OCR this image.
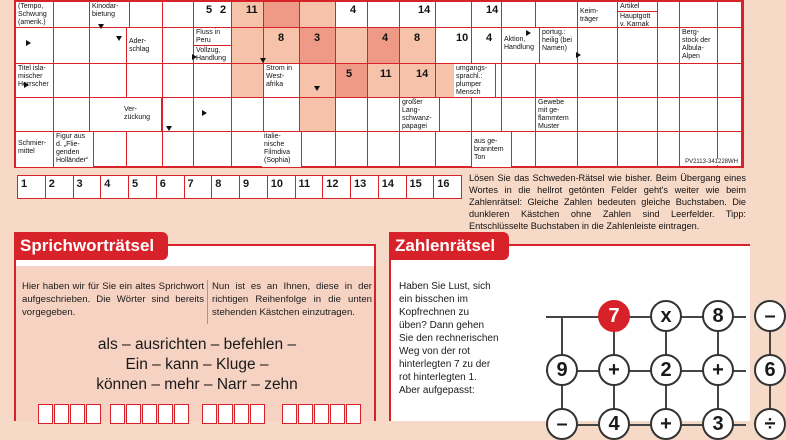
(Tempo, Schwung (amerik.)
Kinodar-bietung
Ader-schlag
Fluss in Peru
Vollzug, Handlung
Titel isla-mischer Herrscher
Strom in West-afrika
umgangs-sprachl.: plumper Mensch
Ver-zückung
großer Lang-schwanz-papagei
Gewebe mit ge-flammtem Muster
Schmier-mittel
Figur aus d. „Flie-genden Holländer“
italie-nische Filmdiva (Sophia)
aus ge-branntem Ton
Aktion, Handlung
portug.: heilig (bei Namen)
Keim-träger
Artikel
Hauptgott v. Karnak
Berg-stock der Albula-Alpen
PV2113-341228WH
5	11	4	14	14
8	3	4 8	10
5	11 14
2
4
1	2	3	4	5	6	7	8	9	10	11	12	13	14	15	16	Lösen Sie das Schweden-Rätsel wie bisher. Beim Übergang eines Wortes in die hellrot getönten Felder geht's weiter wie beim Zahlenrätsel: Gleiche Zahlen bedeuten gleiche Buchstaben. Die dunkleren Kästchen ohne Zahlen sind Leerfelder. Tipp: Entschlüsselte Buchstaben in die Zahlenleiste eintragen.
Hier haben wir für Sie ein altes Sprichwort aufgeschrieben. Die Wörter sind bereits vorgegeben.
Nun ist es an Ihnen, diese in der richtigen Reihenfolge in die unten stehenden Kästchen einzutragen.
als – ausrichten – befehlen –
Ein – kann – Kluge –
können – mehr – Narr – zehn
Sprichworträtsel
Haben Sie Lust, sich ein bisschen im Kopfrechnen zu üben? Dann gehen Sie den rechnerischen Weg von der rot hinterlegten 7 zu der rot hinterlegten 1. Aber aufgepasst:
7	x	8	–
9	+	2	+	6
–	4	+	3	÷
Zahlenrätsel
